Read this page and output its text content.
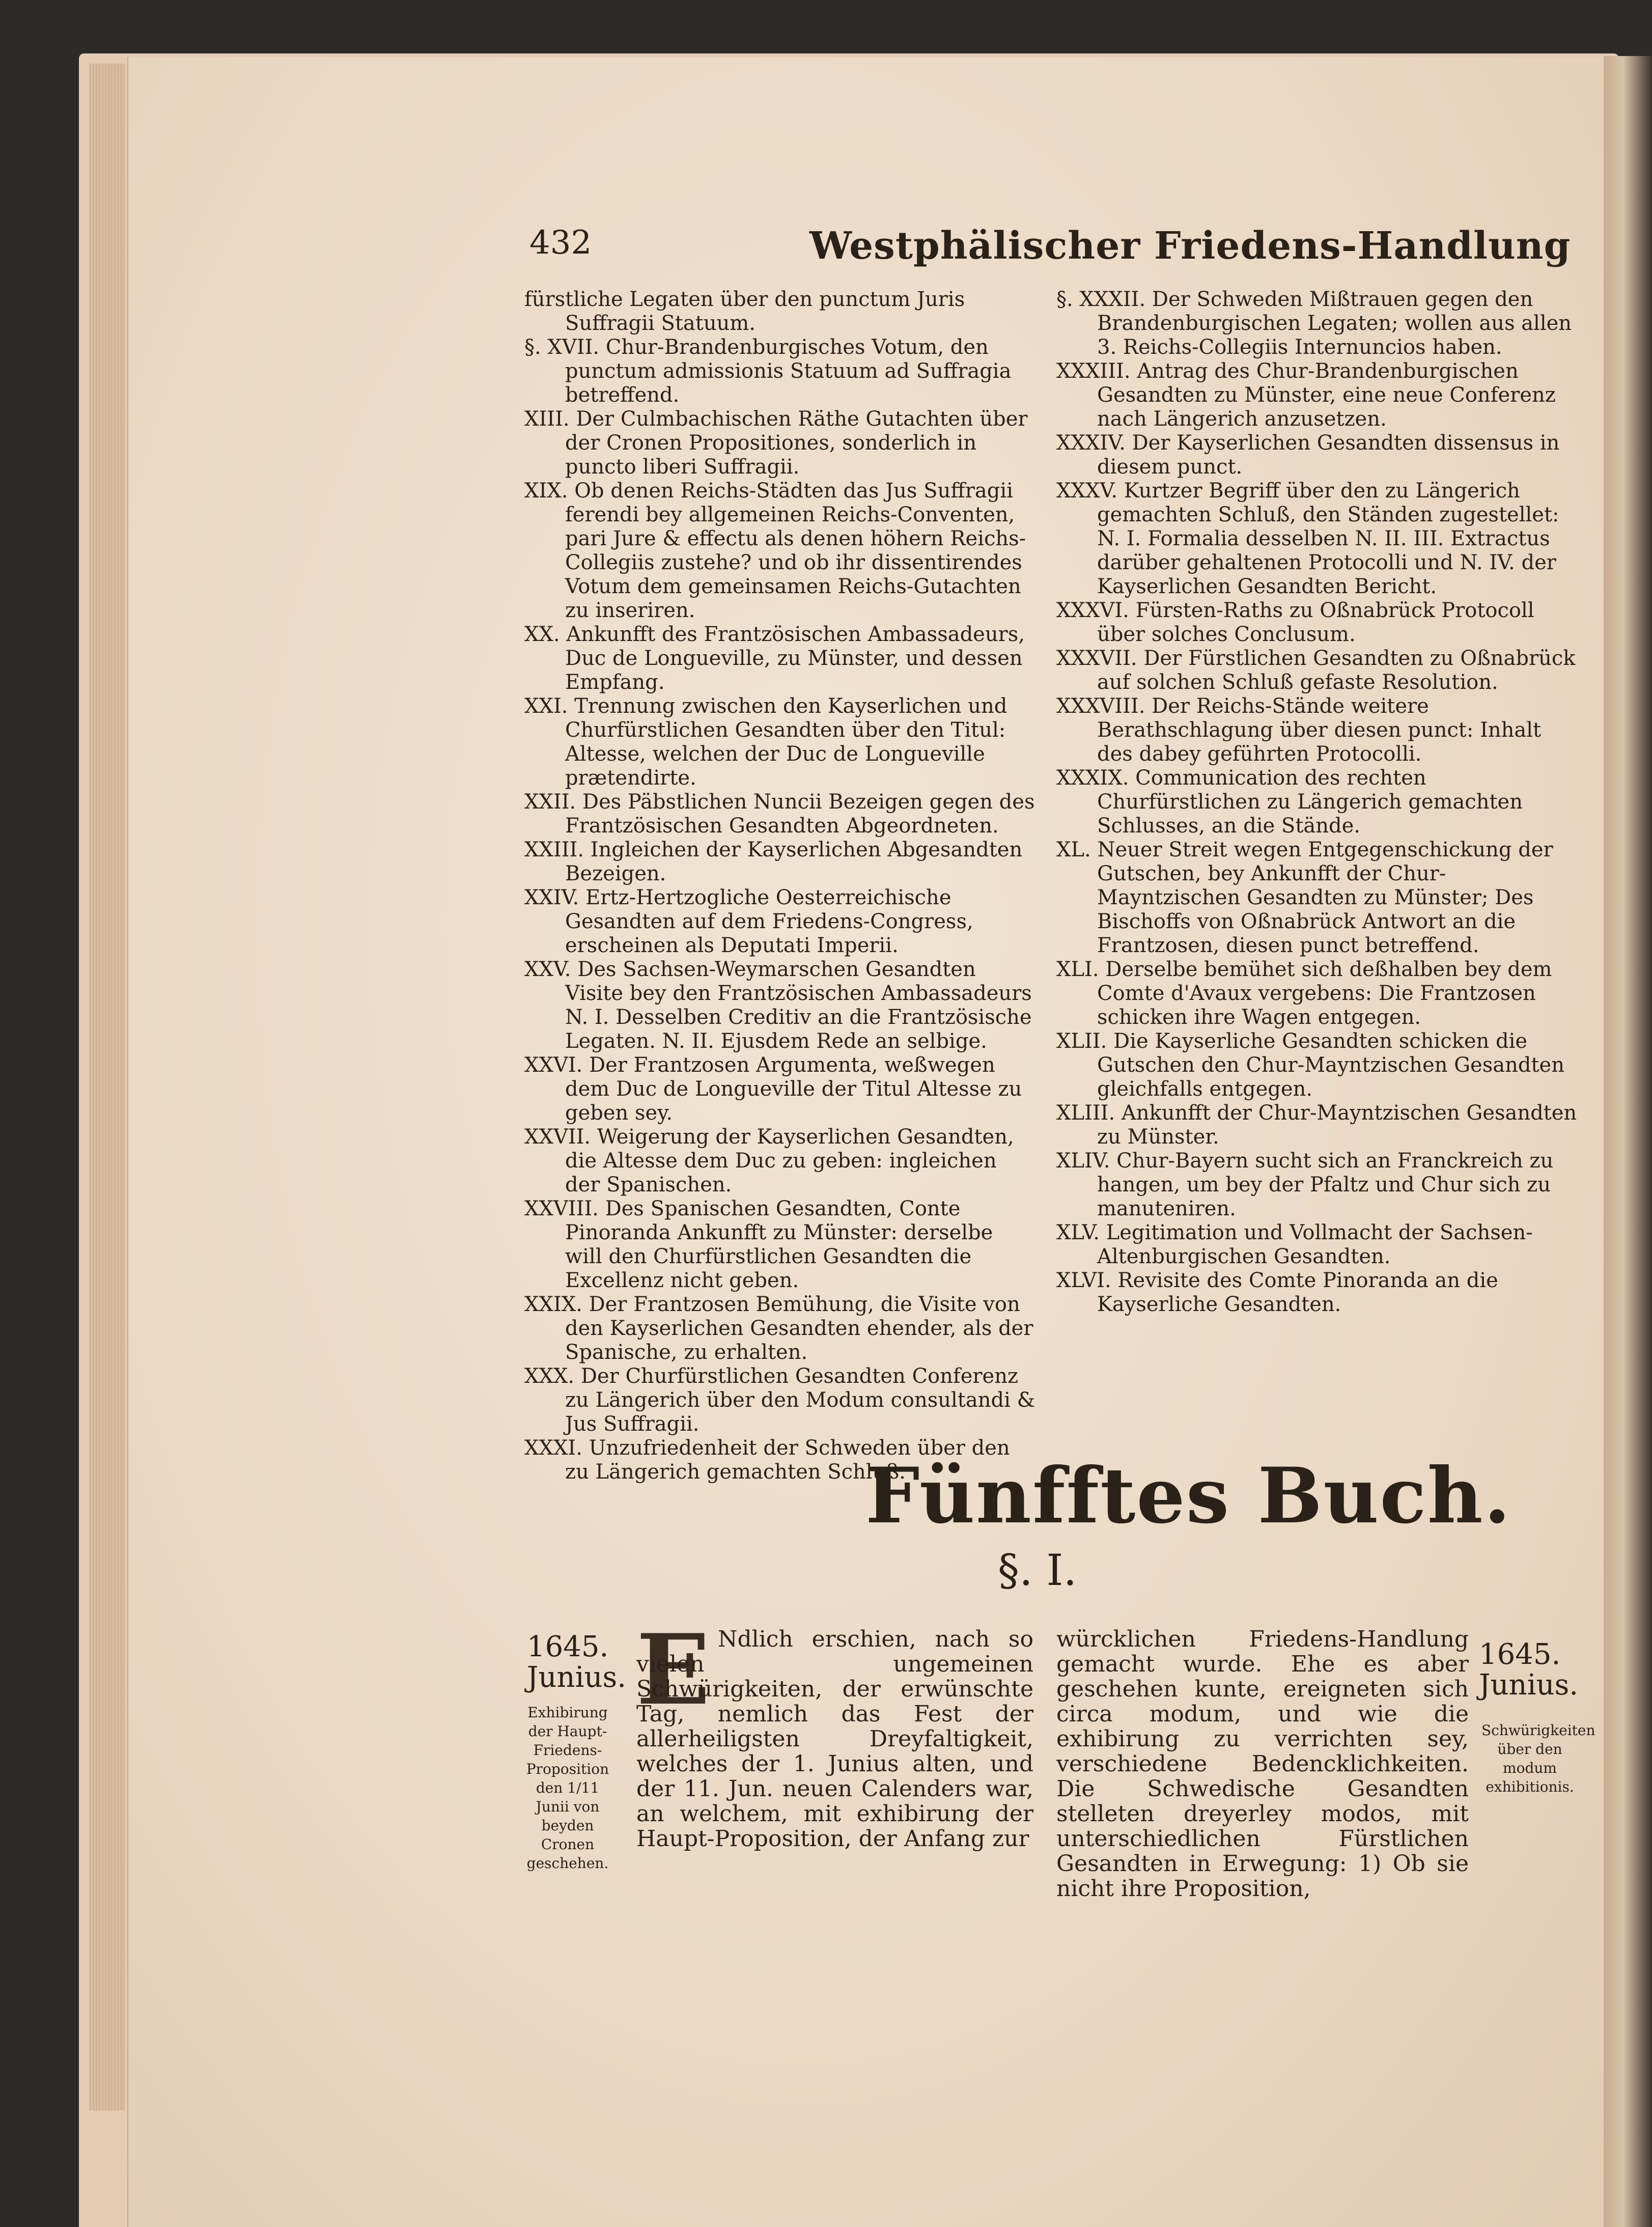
432	Westphälischer Friedens-Handlung
fürstliche Legaten über den punctum Juris Suffragii Statuum.
§. XVII. Chur-Brandenburgisches Votum, den punctum admissionis Statuum ad Suffragia betreffend.
XIII. Der Culmbachischen Räthe Gutachten über der Cronen Propositiones, sonderlich in puncto liberi Suffragii.
XIX. Ob denen Reichs-Städten das Jus Suffragii ferendi bey allgemeinen Reichs-Conventen, pari Jure & effectu als denen höhern Reichs-Collegiis zustehe? und ob ihr dissentirendes Votum dem gemeinsamen Reichs-Gutachten zu inseriren.
XX. Ankunfft des Frantzösischen Ambassadeurs, Duc de Longueville, zu Münster, und dessen Empfang.
XXI. Trennung zwischen den Kayserlichen und Churfürstlichen Gesandten über den Titul: Altesse, welchen der Duc de Longueville prætendirte.
XXII. Des Päbstlichen Nuncii Bezeigen gegen des Frantzösischen Gesandten Abgeordneten.
XXIII. Ingleichen der Kayserlichen Abgesandten Bezeigen.
XXIV. Ertz-Hertzogliche Oesterreichische Gesandten auf dem Friedens-Congress, erscheinen als Deputati Imperii.
XXV. Des Sachsen-Weymarschen Gesandten Visite bey den Frantzösischen Ambassadeurs N. I. Desselben Creditiv an die Frantzösische Legaten. N. II. Ejusdem Rede an selbige.
XXVI. Der Frantzosen Argumenta, weßwegen dem Duc de Longueville der Titul Altesse zu geben sey.
XXVII. Weigerung der Kayserlichen Gesandten, die Altesse dem Duc zu geben: ingleichen der Spanischen.
XXVIII. Des Spanischen Gesandten, Conte Pinoranda Ankunfft zu Münster: derselbe will den Churfürstlichen Gesandten die Excellenz nicht geben.
XXIX. Der Frantzosen Bemühung, die Visite von den Kayserlichen Gesandten ehender, als der Spanische, zu erhalten.
XXX. Der Churfürstlichen Gesandten Conferenz zu Längerich über den Modum consultandi & Jus Suffragii.
XXXI. Unzufriedenheit der Schweden über den zu Längerich gemachten Schluß.
§. XXXII. Der Schweden Mißtrauen gegen den Brandenburgischen Legaten; wollen aus allen 3. Reichs-Collegiis Internuncios haben.
XXXIII. Antrag des Chur-Brandenburgischen Gesandten zu Münster, eine neue Conferenz nach Längerich anzusetzen.
XXXIV. Der Kayserlichen Gesandten dissensus in diesem punct.
XXXV. Kurtzer Begriff über den zu Längerich gemachten Schluß, den Ständen zugestellet: N. I. Formalia desselben N. II. III. Extractus darüber gehaltenen Protocolli und N. IV. der Kayserlichen Gesandten Bericht.
XXXVI. Fürsten-Raths zu Oßnabrück Protocoll über solches Conclusum.
XXXVII. Der Fürstlichen Gesandten zu Oßnabrück auf solchen Schluß gefaste Resolution.
XXXVIII. Der Reichs-Stände weitere Berathschlagung über diesen punct: Inhalt des dabey geführten Protocolli.
XXXIX. Communication des rechten Churfürstlichen zu Längerich gemachten Schlusses, an die Stände.
XL. Neuer Streit wegen Entgegenschickung der Gutschen, bey Ankunfft der Chur-Mayntzischen Gesandten zu Münster; Des Bischoffs von Oßnabrück Antwort an die Frantzosen, diesen punct betreffend.
XLI. Derselbe bemühet sich deßhalben bey dem Comte d'Avaux vergebens: Die Frantzosen schicken ihre Wagen entgegen.
XLII. Die Kayserliche Gesandten schicken die Gutschen den Chur-Mayntzischen Gesandten gleichfalls entgegen.
XLIII. Ankunfft der Chur-Mayntzischen Gesandten zu Münster.
XLIV. Chur-Bayern sucht sich an Franckreich zu hangen, um bey der Pfaltz und Chur sich zu manuteniren.
XLV. Legitimation und Vollmacht der Sachsen-Altenburgischen Gesandten.
XLVI. Revisite des Comte Pinoranda an die Kayserliche Gesandten.
Fünfftes Buch.
§. I.
1645.
Junius.
Exhibirung der Haupt-Friedens-Proposition den 1/11 Junii von beyden Cronen geschehen.
1645.
Junius.
Schwürigkeiten über den modum exhibitionis.
E Ndlich erschien, nach so vielen ungemeinen Schwürigkeiten, der erwünschte Tag, nemlich das Fest der allerheiligsten Dreyfaltigkeit, welches der 1. Junius alten, und der 11. Jun. neuen Calenders war, an welchem, mit exhibirung der Haupt-Proposition, der Anfang zur
würcklichen Friedens-Handlung gemacht wurde. Ehe es aber geschehen kunte, ereigneten sich circa modum, und wie die exhibirung zu verrichten sey, verschiedene Bedencklichkeiten. Die Schwedische Gesandten stelleten dreyerley modos, mit unterschiedlichen Fürstlichen Gesandten in Erwegung: 1) Ob sie nicht ihre Proposition,
